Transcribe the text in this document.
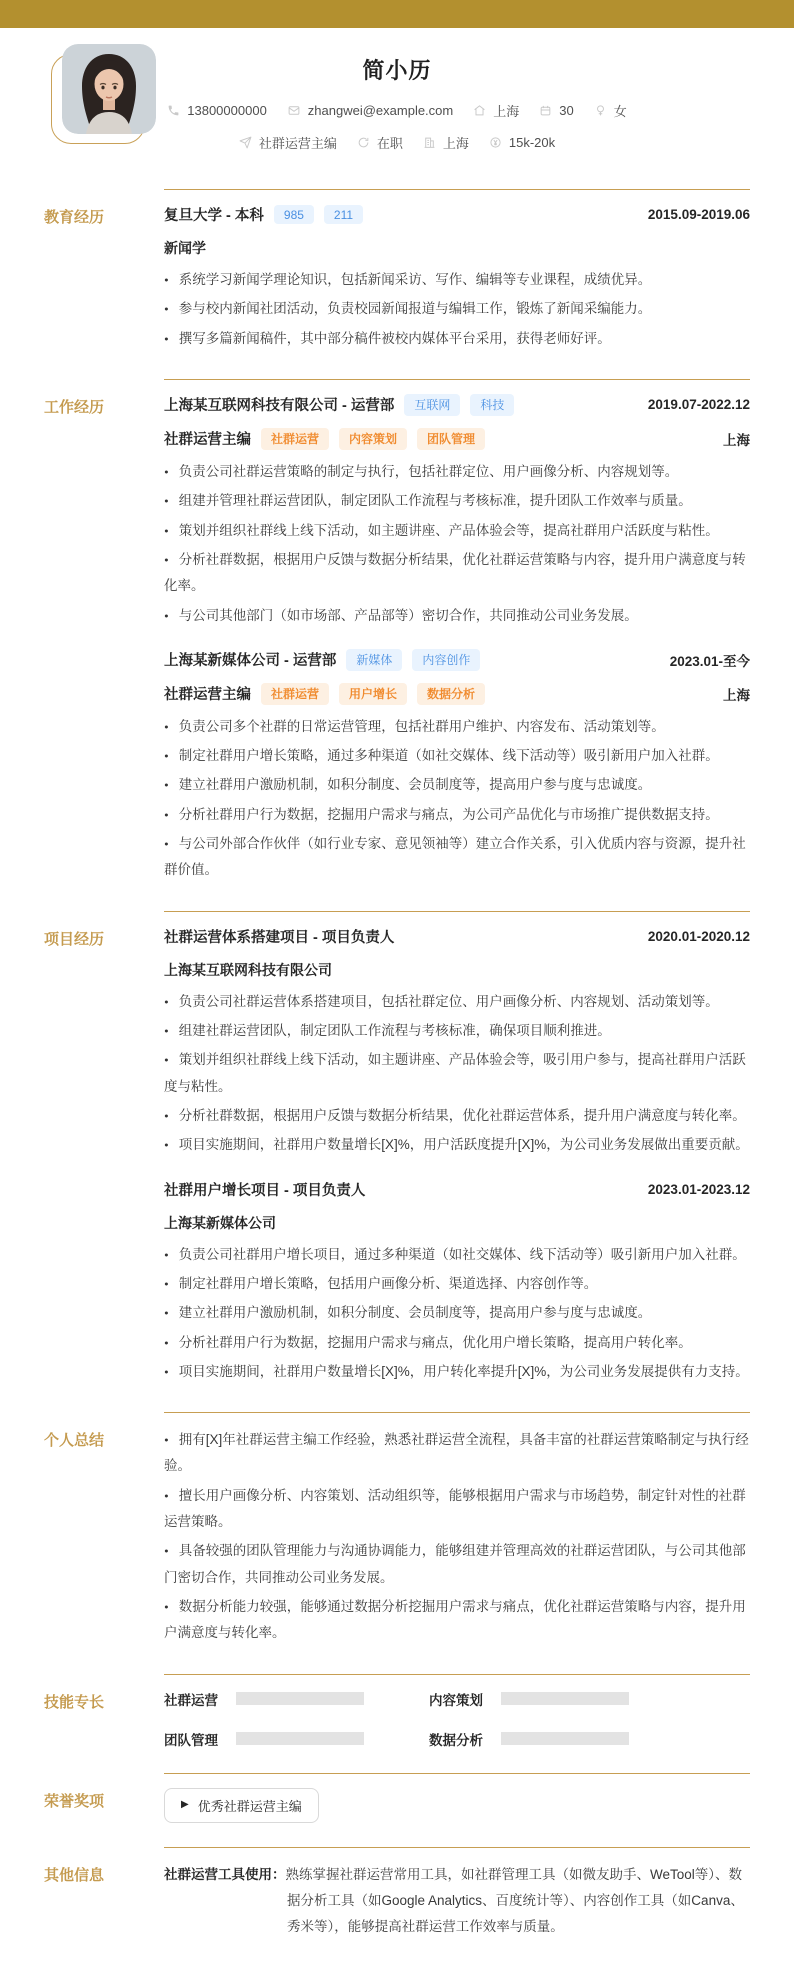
简小历
13800000000	zhangwei@example.com	上海	30	女
社群运营主编	在职	上海	15k-20k
教育经历	复旦大学 - 本科	985	211	2015.09-2019.06
新闻学
• 系统学习新闻学理论知识，包括新闻采访、写作、编辑等专业课程，成绩优异。
• 参与校内新闻社团活动，负责校园新闻报道与编辑工作，锻炼了新闻采编能力。
• 撰写多篇新闻稿件，其中部分稿件被校内媒体平台采用，获得老师好评。
工作经历	上海某互联网科技有限公司 - 运营部	互联网	科技	2019.07-2022.12
社群运营主编	社群运营	内容策划	团队管理	上海
• 负责公司社群运营策略的制定与执行，包括社群定位、用户画像分析、内容规划等。
• 组建并管理社群运营团队，制定团队工作流程与考核标准，提升团队工作效率与质量。
• 策划并组织社群线上线下活动，如主题讲座、产品体验会等，提高社群用户活跃度与粘性。
• 分析社群数据，根据用户反馈与数据分析结果，优化社群运营策略与内容，提升用户满意度与转化率。
• 与公司其他部门（如市场部、产品部等）密切合作，共同推动公司业务发展。
上海某新媒体公司 - 运营部	新媒体	内容创作	2023.01-至今
社群运营主编	社群运营	用户增长	数据分析	上海
• 负责公司多个社群的日常运营管理，包括社群用户维护、内容发布、活动策划等。
• 制定社群用户增长策略，通过多种渠道（如社交媒体、线下活动等）吸引新用户加入社群。
• 建立社群用户激励机制，如积分制度、会员制度等，提高用户参与度与忠诚度。
• 分析社群用户行为数据，挖掘用户需求与痛点，为公司产品优化与市场推广提供数据支持。
• 与公司外部合作伙伴（如行业专家、意见领袖等）建立合作关系，引入优质内容与资源，提升社群价值。
项目经历	社群运营体系搭建项目 - 项目负责人	2020.01-2020.12
上海某互联网科技有限公司
• 负责公司社群运营体系搭建项目，包括社群定位、用户画像分析、内容规划、活动策划等。
• 组建社群运营团队，制定团队工作流程与考核标准，确保项目顺利推进。
• 策划并组织社群线上线下活动，如主题讲座、产品体验会等，吸引用户参与，提高社群用户活跃度与粘性。
• 分析社群数据，根据用户反馈与数据分析结果，优化社群运营体系，提升用户满意度与转化率。
• 项目实施期间，社群用户数量增长[X]%，用户活跃度提升[X]%，为公司业务发展做出重要贡献。
社群用户增长项目 - 项目负责人	2023.01-2023.12
上海某新媒体公司
• 负责公司社群用户增长项目，通过多种渠道（如社交媒体、线下活动等）吸引新用户加入社群。
• 制定社群用户增长策略，包括用户画像分析、渠道选择、内容创作等。
• 建立社群用户激励机制，如积分制度、会员制度等，提高用户参与度与忠诚度。
• 分析社群用户行为数据，挖掘用户需求与痛点，优化用户增长策略，提高用户转化率。
• 项目实施期间，社群用户数量增长[X]%，用户转化率提升[X]%，为公司业务发展提供有力支持。
个人总结	• 拥有[X]年社群运营主编工作经验，熟悉社群运营全流程，具备丰富的社群运营策略制定与执行经验。
• 擅长用户画像分析、内容策划、活动组织等，能够根据用户需求与市场趋势，制定针对性的社群运营策略。
• 具备较强的团队管理能力与沟通协调能力，能够组建并管理高效的社群运营团队，与公司其他部门密切合作，共同推动公司业务发展。
• 数据分析能力较强，能够通过数据分析挖掘用户需求与痛点，优化社群运营策略与内容，提升用户满意度与转化率。
技能专长	社群运营	内容策划
团队管理	数据分析
荣誉奖项	▶ 优秀社群运营主编
其他信息	社群运营工具使用：熟练掌握社群运营常用工具，如社群管理工具（如微友助手、WeTool等）、数据分析工具（如Google Analytics、百度统计等）、内容创作工具（如Canva、秀米等），能够提高社群运营工作效率与质量。
